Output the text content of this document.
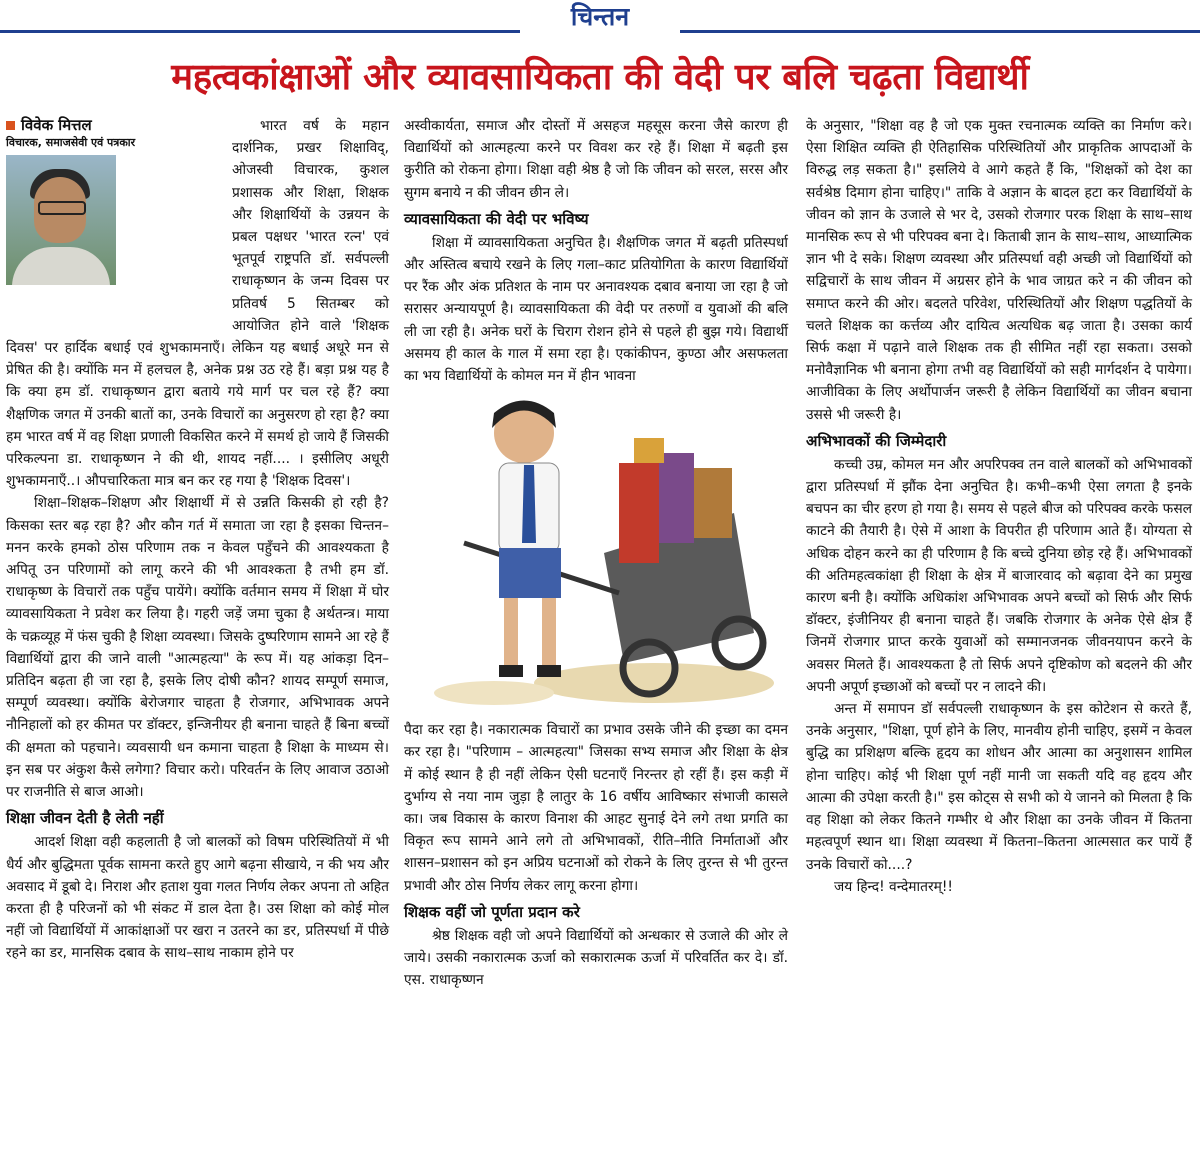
चिन्तन
महत्वकांक्षाओं और व्यावसायिकता की वेदी पर बलि चढ़ता विद्यार्थी
विवेक मित्तल
विचारक, समाजसेवी एवं पत्रकार

भारत वर्ष के महान दार्शनिक, प्रखर शिक्षाविद्, ओजस्वी विचारक, कुशल प्रशासक और शिक्षा, शिक्षक और शिक्षार्थियों के उन्नयन के प्रबल पक्षधर 'भारत रत्न' एवं भूतपूर्व राष्ट्रपति डॉ. सर्वपल्ली राधाकृष्णन के जन्म दिवस पर प्रतिवर्ष 5 सितम्बर को आयोजित होने वाले 'शिक्षक दिवस' पर हार्दिक बधाई एवं शुभकामनाएँ। लेकिन यह बधाई अधूरे मन से प्रेषित की है। क्योंकि मन में हलचल है, अनेक प्रश्न उठ रहे हैं। बड़ा प्रश्न यह है कि क्या हम डॉ. राधाकृष्णन द्वारा बताये गये मार्ग पर चल रहे हैं? क्या शैक्षणिक जगत में उनकी बातों का, उनके विचारों का अनुसरण हो रहा है? क्या हम भारत वर्ष में वह शिक्षा प्रणाली विकसित करने में समर्थ हो जाये हैं जिसकी परिकल्पना डा. राधाकृष्णन ने की थी, शायद नहीं.... । इसीलिए अधूरी शुभकामनाएँ..। औपचारिकता मात्र बन कर रह गया है 'शिक्षक दिवस'।

शिक्षा–शिक्षक–शिक्षण और शिक्षार्थी में से उन्नति किसकी हो रही है? किसका स्तर बढ़ रहा है? और कौन गर्त में समाता जा रहा है इसका चिन्तन–मनन करके हमको ठोस परिणाम तक न केवल पहुँचने की आवश्यकता है अपितू उन परिणामों को लागू करने की भी आवश्कता है तभी हम डॉ. राधाकृष्ण के विचारों तक पहुँच पायेंगे। क्योंकि वर्तमान समय में शिक्षा में घोर व्यावसायिकता ने प्रवेश कर लिया है। गहरी जड़ें जमा चुका है अर्थतन्त्र। माया के चक्रव्यूह में फंस चुकी है शिक्षा व्यवस्था। जिसके दुष्परिणाम सामने आ रहे हैं विद्यार्थियों द्वारा की जाने वाली "आत्महत्या" के रूप में। यह आंकड़ा दिन–प्रतिदिन बढ़ता ही जा रहा है, इसके लिए दोषी कौन? शायद सम्पूर्ण समाज, सम्पूर्ण व्यवस्था। क्योंकि बेरोजगार चाहता है रोजगार, अभिभावक अपने नौनिहालों को हर कीमत पर डॉक्टर, इन्जिनीयर ही बनाना चाहते हैं बिना बच्चों की क्षमता को पहचाने। व्यवसायी धन कमाना चाहता है शिक्षा के माध्यम से। इन सब पर अंकुश कैसे लगेगा? विचार करो। परिवर्तन के लिए आवाज उठाओ पर राजनीति से बाज आओ।

शिक्षा जीवन देती है लेती नहीं

आदर्श शिक्षा वही कहलाती है जो बालकों को विषम परिस्थितियों में भी धैर्य और बुद्धिमता पूर्वक सामना करते हुए आगे बढ़ना सीखाये, न की भय और अवसाद में डूबो दे। निराश और हताश युवा गलत निर्णय लेकर अपना तो अहित करता ही है परिजनों को भी संकट में डाल देता है। उस शिक्षा को कोई मोल नहीं जो विद्यार्थियों में आकांक्षाओं पर खरा न उतरने का डर, प्रतिस्पर्धा में पीछे रहने का डर, मानसिक दबाव के साथ–साथ नाकाम होने पर

अस्वीकार्यता, समाज और दोस्तों में असहज महसूस करना जैसे कारण ही विद्यार्थियों को आत्महत्या करने पर विवश कर रहे हैं। शिक्षा में बढ़ती इस कुरीति को रोकना होगा। शिक्षा वही श्रेष्ठ है जो कि जीवन को सरल, सरस और सुगम बनाये न की जीवन छीन ले।

व्यावसायिकता की वेदी पर भविष्य

शिक्षा में व्यावसायिकता अनुचित है। शैक्षणिक जगत में बढ़ती प्रतिस्पर्धा और अस्तित्व बचाये रखने के लिए गला–काट प्रतियोगिता के कारण विद्यार्थियों पर रैंक और अंक प्रतिशत के नाम पर अनावश्यक दबाव बनाया जा रहा है जो सरासर अन्यायपूर्ण है। व्यावसायिकता की वेदी पर तरुणों व युवाओं की बलि ली जा रही है। अनेक घरों के चिराग रोशन होने से पहले ही बुझ गये। विद्यार्थी असमय ही काल के गाल में समा रहा है। एकांकीपन, कुण्ठा और असफलता का भय विद्यार्थियों के कोमल मन में हीन भावना

पैदा कर रहा है। नकारात्मक विचारों का प्रभाव उसके जीने की इच्छा का दमन कर रहा है। "परिणाम – आत्महत्या" जिसका सभ्य समाज और शिक्षा के क्षेत्र में कोई स्थान है ही नहीं लेकिन ऐसी घटनाएँ निरन्तर हो रहीं हैं। इस कड़ी में दुर्भाग्य से नया नाम जुड़ा है लातुर के 16 वर्षीय आविष्कार संभाजी कासले का। जब विकास के कारण विनाश की आहट सुनाई देने लगे तथा प्रगति का विकृत रूप सामने आने लगे तो अभिभावकों, रीति–नीति निर्माताओं और शासन–प्रशासन को इन अप्रिय घटनाओं को रोकने के लिए तुरन्त से भी तुरन्त प्रभावी और ठोस निर्णय लेकर लागू करना होगा।

शिक्षक वहीं जो पूर्णता प्रदान करे

श्रेष्ठ शिक्षक वही जो अपने विद्यार्थियों को अन्धकार से उजाले की ओर ले जाये। उसकी नकारात्मक ऊर्जा को सकारात्मक ऊर्जा में परिवर्तित कर दे। डॉ. एस. राधाकृष्णन

के अनुसार, "शिक्षा वह है जो एक मुक्त रचनात्मक व्यक्ति का निर्माण करे। ऐसा शिक्षित व्यक्ति ही ऐतिहासिक परिस्थितियों और प्राकृतिक आपदाओं के विरुद्ध लड़ सकता है।" इसलिये वे आगे कहते हैं कि, "शिक्षकों को देश का सर्वश्रेष्ठ दिमाग होना चाहिए।" ताकि वे अज्ञान के बादल हटा कर विद्यार्थियों के जीवन को ज्ञान के उजाले से भर दे, उसको रोजगार परक शिक्षा के साथ–साथ मानसिक रूप से भी परिपक्व बना दे। किताबी ज्ञान के साथ–साथ, आध्यात्मिक ज्ञान भी दे सके। शिक्षण व्यवस्था और प्रतिस्पर्धा वही अच्छी जो विद्यार्थियों को सद्विचारों के साथ जीवन में अग्रसर होने के भाव जाग्रत करे न की जीवन को समाप्त करने की ओर। बदलते परिवेश, परिस्थितियों और शिक्षण पद्धतियों के चलते शिक्षक का कर्त्तव्य और दायित्व अत्यधिक बढ़ जाता है। उसका कार्य सिर्फ कक्षा में पढ़ाने वाले शिक्षक तक ही सीमित नहीं रहा सकता। उसको मनोवैज्ञानिक भी बनाना होगा तभी वह विद्यार्थियों को सही मार्गदर्शन दे पायेगा। आजीविका के लिए अर्थोपार्जन जरूरी है लेकिन विद्यार्थियों का जीवन बचाना उससे भी जरूरी है।

अभिभावकों की जिम्मेदारी

कच्ची उम्र, कोमल मन और अपरिपक्व तन वाले बालकों को अभिभावकों द्वारा प्रतिस्पर्धा में झौंक देना अनुचित है। कभी–कभी ऐसा लगता है इनके बचपन का चीर हरण हो गया है। समय से पहले बीज को परिपक्व करके फसल काटने की तैयारी है। ऐसे में आशा के विपरीत ही परिणाम आते हैं। योग्यता से अधिक दोहन करने का ही परिणाम है कि बच्चे दुनिया छोड़ रहे हैं। अभिभावकों की अतिमहत्वकांक्षा ही शिक्षा के क्षेत्र में बाजारवाद को बढ़ावा देने का प्रमुख कारण बनी है। क्योंकि अधिकांश अभिभावक अपने बच्चों को सिर्फ और सिर्फ डॉक्टर, इंजीनियर ही बनाना चाहते हैं। जबकि रोजगार के अनेक ऐसे क्षेत्र हैं जिनमें रोजगार प्राप्त करके युवाओं को सम्मानजनक जीवनयापन करने के अवसर मिलते हैं। आवश्यकता है तो सिर्फ अपने दृष्टिकोण को बदलने की और अपनी अपूर्ण इच्छाओं को बच्चों पर न लादने की।

अन्त में समापन डॉ सर्वपल्ली राधाकृष्णन के इस कोटेशन से करते हैं, उनके अनुसार, "शिक्षा, पूर्ण होने के लिए, मानवीय होनी चाहिए, इसमें न केवल बुद्धि का प्रशिक्षण बल्कि हृदय का शोधन और आत्मा का अनुशासन शामिल होना चाहिए। कोई भी शिक्षा पूर्ण नहीं मानी जा सकती यदि वह हृदय और आत्मा की उपेक्षा करती है।" इस कोट्स से सभी को ये जानने को मिलता है कि वह शिक्षा को लेकर कितने गम्भीर थे और शिक्षा का उनके जीवन में कितना महत्वपूर्ण स्थान था। शिक्षा व्यवस्था में कितना–कितना आत्मसात कर पायें हैं उनके विचारों को....?

जय हिन्द! वन्देमातरम्!!
